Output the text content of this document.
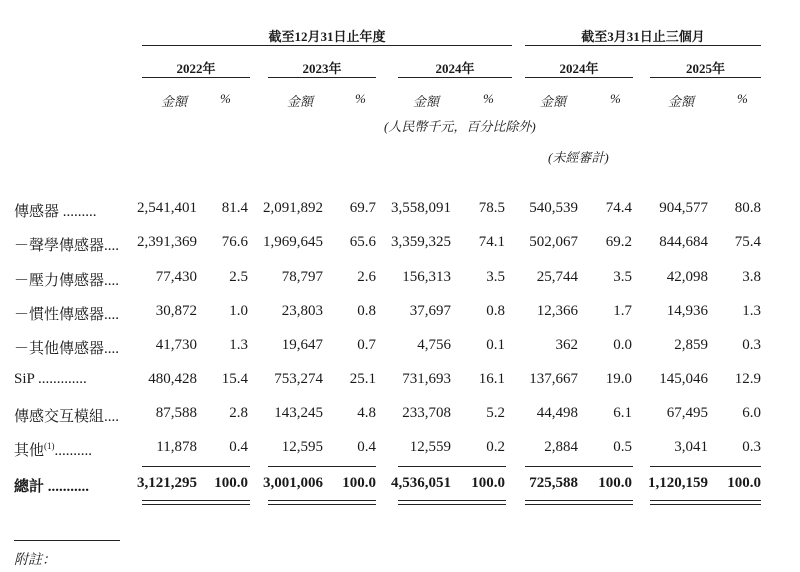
截至12月31日止年度	截至3月31日止三個月
2022年	2023年	2024年	2024年	2025年
金額	%	金額	%	金額	%	金額	%	金額	%
(人民幣千元，百分比除外)
(未經審計)
傳感器 .........	2,541,401	81.4	2,091,892	69.7	3,558,091	78.5	540,539	74.4	904,577	80.8
－聲學傳感器....	2,391,369	76.6	1,969,645	65.6	3,359,325	74.1	502,067	69.2	844,684	75.4
－壓力傳感器....	77,430	2.5	78,797	2.6	156,313	3.5	25,744	3.5	42,098	3.8
－慣性傳感器....	30,872	1.0	23,803	0.8	37,697	0.8	12,366	1.7	14,936	1.3
－其他傳感器....	41,730	1.3	19,647	0.7	4,756	0.1	362	0.0	2,859	0.3
SiP .............	480,428	15.4	753,274	25.1	731,693	16.1	137,667	19.0	145,046	12.9
傳感交互模組....	87,588	2.8	143,245	4.8	233,708	5.2	44,498	6.1	67,495	6.0
其他$^{(1)}$..........	11,878	0.4	12,595	0.4	12,559	0.2	2,884	0.5	3,041	0.3
總計 ...........	3,121,295	100.0	3,001,006	100.0	4,536,051	100.0	725,588	100.0	1,120,159	100.0
附註：
